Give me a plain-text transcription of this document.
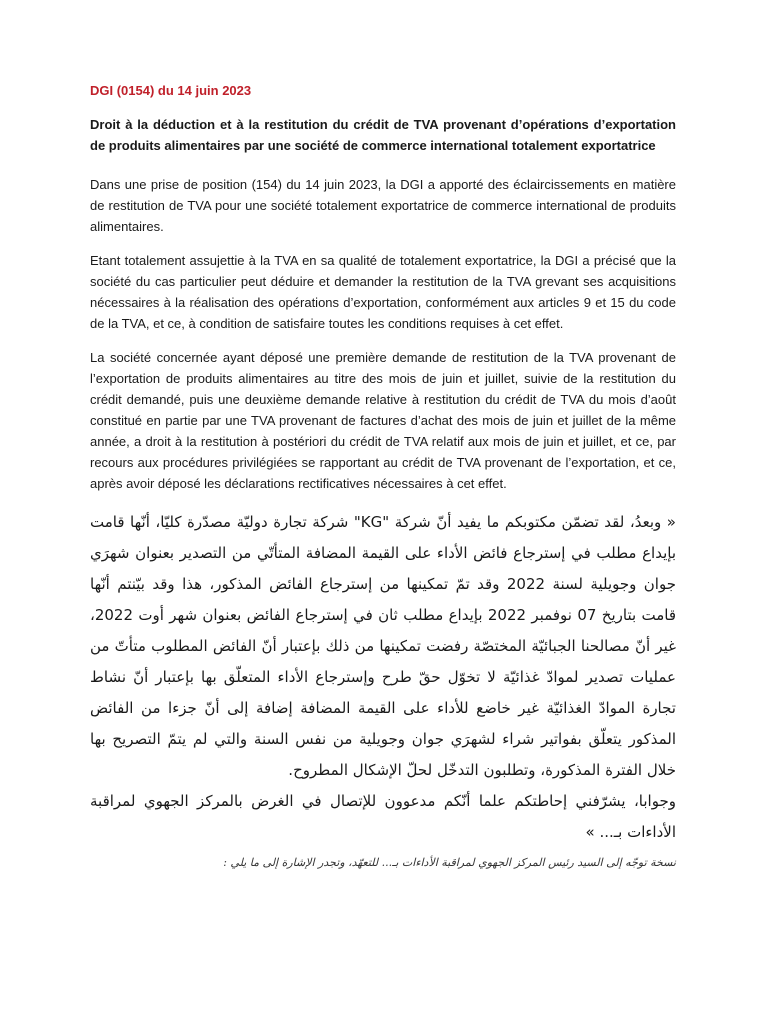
DGI (0154) du 14 juin 2023

Droit à la déduction et à la restitution du crédit de TVA provenant d’opérations d’exportation de produits alimentaires par une société de commerce international totalement exportatrice

Dans une prise de position (154) du 14 juin 2023, la DGI a apporté des éclaircissements en matière de restitution de TVA pour une société totalement exportatrice de commerce international de produits alimentaires.

Etant totalement assujettie à la TVA en sa qualité de totalement exportatrice, la DGI a précisé que la société du cas particulier peut déduire et demander la restitution de la TVA grevant ses acquisitions nécessaires à la réalisation des opérations d’exportation, conformément aux articles 9 et 15 du code de la TVA, et ce, à condition de satisfaire toutes les conditions requises à cet effet.

La société concernée ayant déposé une première demande de restitution de la TVA provenant de l’exportation de produits alimentaires au titre des mois de juin et juillet, suivie de la restitution du crédit demandé, puis une deuxième demande relative à restitution du crédit de TVA du mois d’août constitué en partie par une TVA provenant de factures d’achat des mois de juin et juillet de la même année, a droit à la restitution à postériori du crédit de TVA relatif aux mois de juin et juillet, et ce, par recours aux procédures privilégiées se rapportant au crédit de TVA provenant de l’exportation, et ce, après avoir déposé les déclarations rectificatives nécessaires à cet effet.

« وبعدُ، لقد تضمّن مكتوبكم ما يفيد أنّ شركة "KG" شركة تجارة دوليّة مصدّرة كليّا، أنّها قامت بإيداع مطلب في إسترجاع فائض الأداء على القيمة المضافة المتأتّي من التصدير بعنوان شهرَي جوان وجويلية لسنة 2022 وقد تمّ تمكينها من إسترجاع الفائض المذكور، هذا وقد بيّنتم أنّها قامت بتاريخ 07 نوفمبر 2022 بإيداع مطلب ثان في إسترجاع الفائض بعنوان شهر أوت 2022، غير أنّ مصالحنا الجبائيّة المختصّة رفضت تمكينها من ذلك بإعتبار أنّ الفائض المطلوب متأتّ من عمليات تصدير لموادّ غذائيّة لا تخوّل حقّ طرح وإسترجاع الأداء المتعلّق بها بإعتبار أنّ نشاط تجارة الموادّ الغذائيّة غير خاضع للأداء على القيمة المضافة إضافة إلى أنّ جزءا من الفائض المذكور يتعلّق بفواتير شراء لشهرَي جوان وجويلية من نفس السنة والتي لم يتمّ التصريح بها خلال الفترة المذكورة، وتطلبون التدخّل لحلّ الإشكال المطروح.

وجوابا، يشرّفني إحاطتكم علما أنّكم مدعوون للإتصال في الغرض بالمركز الجهوي لمراقبة الأداءات بـ... »

نسخة توجّه إلى السيد رئيس المركز الجهوي لمراقبة الأداءات بـ... للتعهّد، وتجدر الإشارة إلى ما يلي :
